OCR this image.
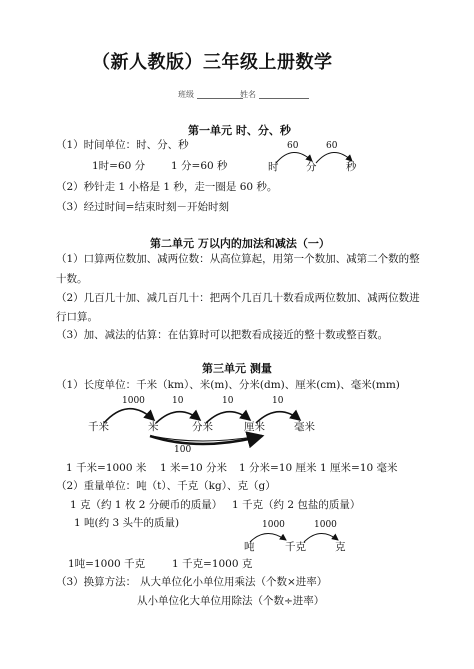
（新人教版）三年级上册数学
班级	姓名
第一单元 时、分、秒
（1）时间单位：时、分、秒
1时=60 分 1 分=60 秒
60	60
时	分	秒
（2）秒针走 1 小格是 1 秒，走一圈是 60 秒。
（3）经过时间=结束时刻－开始时刻
第二单元 万以内的加法和减法（一）
（1）口算两位数加、减两位数：从高位算起，用第一个数加、减第二个数的整
十数。
（2）几百几十加、减几百几十：把两个几百几十数看成两位数加、减两位数进
行口算。
（3）加、减法的估算：在估算时可以把数看成接近的整十数或整百数。
第三单元 测量
（1）长度单位：千米（km）、米(m)、分米(dm)、厘米(cm)、毫米(mm)
1000	10	10	10
千米	米	分米	厘米	毫米
100
1 千米=1000 米 1 米=10 分米 1 分米=10 厘米 1 厘米=10 毫米
（2）重量单位：吨（t）、千克（kg）、克（g）
1 克（约 1 枚 2 分硬币的质量） 1 千克（约 2 包盐的质量）
1 吨(约 3 头牛的质量)	1000	1000
吨	千克	克
1吨=1000 千克	1 千克=1000 克
（3）换算方法： 从大单位化小单位用乘法（个数×进率）
从小单位化大单位用除法（个数÷进率）
